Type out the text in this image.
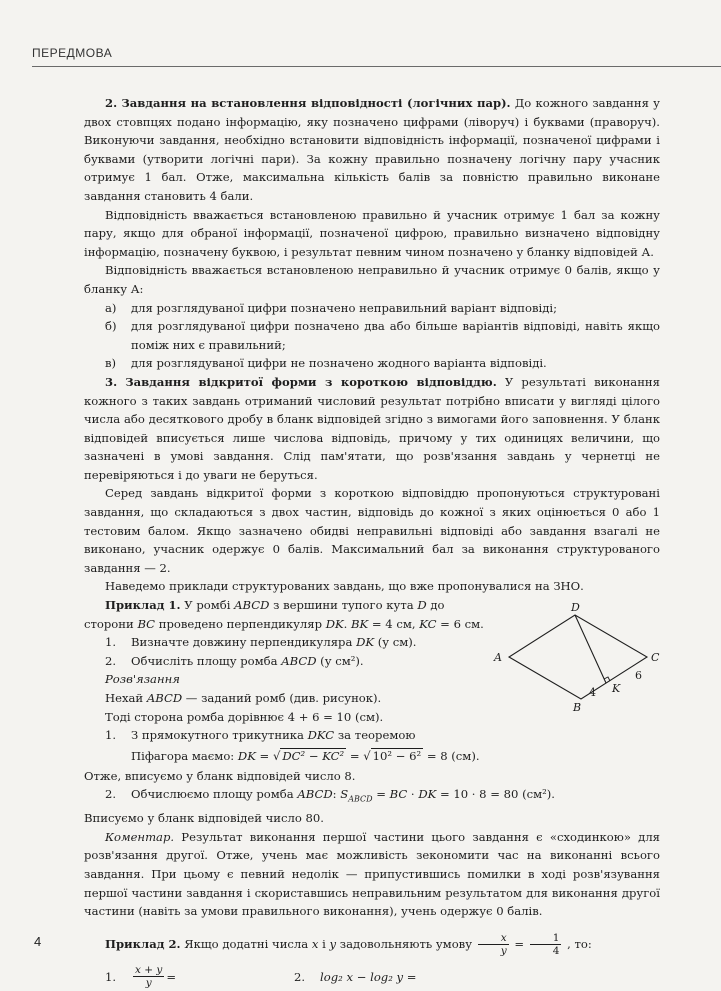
ПЕРЕДМОВА

2. Завдання на встановлення відповідності (логічних пар). До кожного завдання у двох стовпцях подано інформацію, яку позначено цифрами (ліворуч) і буквами (праворуч). Виконуючи завдання, необхідно встановити відповідність інформації, позначеної цифрами і буквами (утворити логічні пари). За кожну правильно позначену логічну пару учасник отримує 1 бал. Отже, максимальна кількість балів за повністю правильно виконане завдання становить 4 бали.

Відповідність вважається встановленою правильно й учасник отримує 1 бал за кожну пару, якщо для обраної інформації, позначеної цифрою, правильно визначено відповідну інформацію, позначену буквою, і результат певним чином позначено у бланку відповідей А.

Відповідність вважається встановленою неправильно й учасник отримує 0 балів, якщо у бланку А:

а) для розглядуваної цифри позначено неправильний варіант відповіді;

б) для розглядуваної цифри позначено два або більше варіантів відповіді, навіть якщо поміж них є правильний;

в) для розглядуваної цифри не позначено жодного варіанта відповіді.

3. Завдання відкритої форми з короткою відповіддю. У результаті виконання кожного з таких завдань отриманий числовий результат потрібно вписати у вигляді цілого числа або десяткового дробу в бланк відповідей згідно з вимогами його заповнення. У бланк відповідей вписується лише числова відповідь, причому у тих одиницях величини, що зазначені в умові завдання. Слід пам'ятати, що розв'язання завдань у чернетці не перевіряються і до уваги не беруться.

Серед завдань відкритої форми з короткою відповіддю пропонуються структуровані завдання, що складаються з двох частин, відповідь до кожної з яких оцінюється 0 або 1 тестовим балом. Якщо зазначено обидві неправильні відповіді або завдання взагалі не виконано, учасник одержує 0 балів. Максимальний бал за виконання структурованого завдання — 2.

Наведемо приклади структурованих завдань, що вже пропонувалися на ЗНО.

Приклад 1. У ромбі ABCD з вершини тупого кута D до сторони BC проведено перпендикуляр DK. BK = 4 см, KC = 6 см.

1. Визначте довжину перпендикуляра DK (у см).

2. Обчисліть площу ромба ABCD (у см²).

Розв'язання

Нехай ABCD — заданий ромб (див. рисунок).

Тоді сторона ромба дорівнює 4 + 6 = 10 (см).

1. З прямокутного трикутника DKC за теоремою

Піфагора маємо: DK = √ DC² − KC² = √ 10² − 6² = 8 (см).

Отже, вписуємо у бланк відповідей число 8.

2. Обчислюємо площу ромба ABCD: $S_{ABCD}$ = BC · DK = 10 · 8 = 80 (см²).

Вписуємо у бланк відповідей число 80.

Коментар. Результат виконання першої частини цього завдання є «сходинкою» для розв'язання другої. Отже, учень має можливість зекономити час на виконанні всього завдання. При цьому є певний недолік — припустившись помилки в ході розв'язування першої частини завдання і скориставшись неправильним результатом для виконання другої частини (навіть за умови правильного виконання), учень одержує 0 балів.

Приклад 2. Якщо додатні числа x і y задовольняють умову $\frac{x}{y} = \frac{1}{4}$ , то:

1.	$\frac{x + y}{y}$ =	2.	log₂ x − log₂ y =
D
A	C
B
K
6
4
4
